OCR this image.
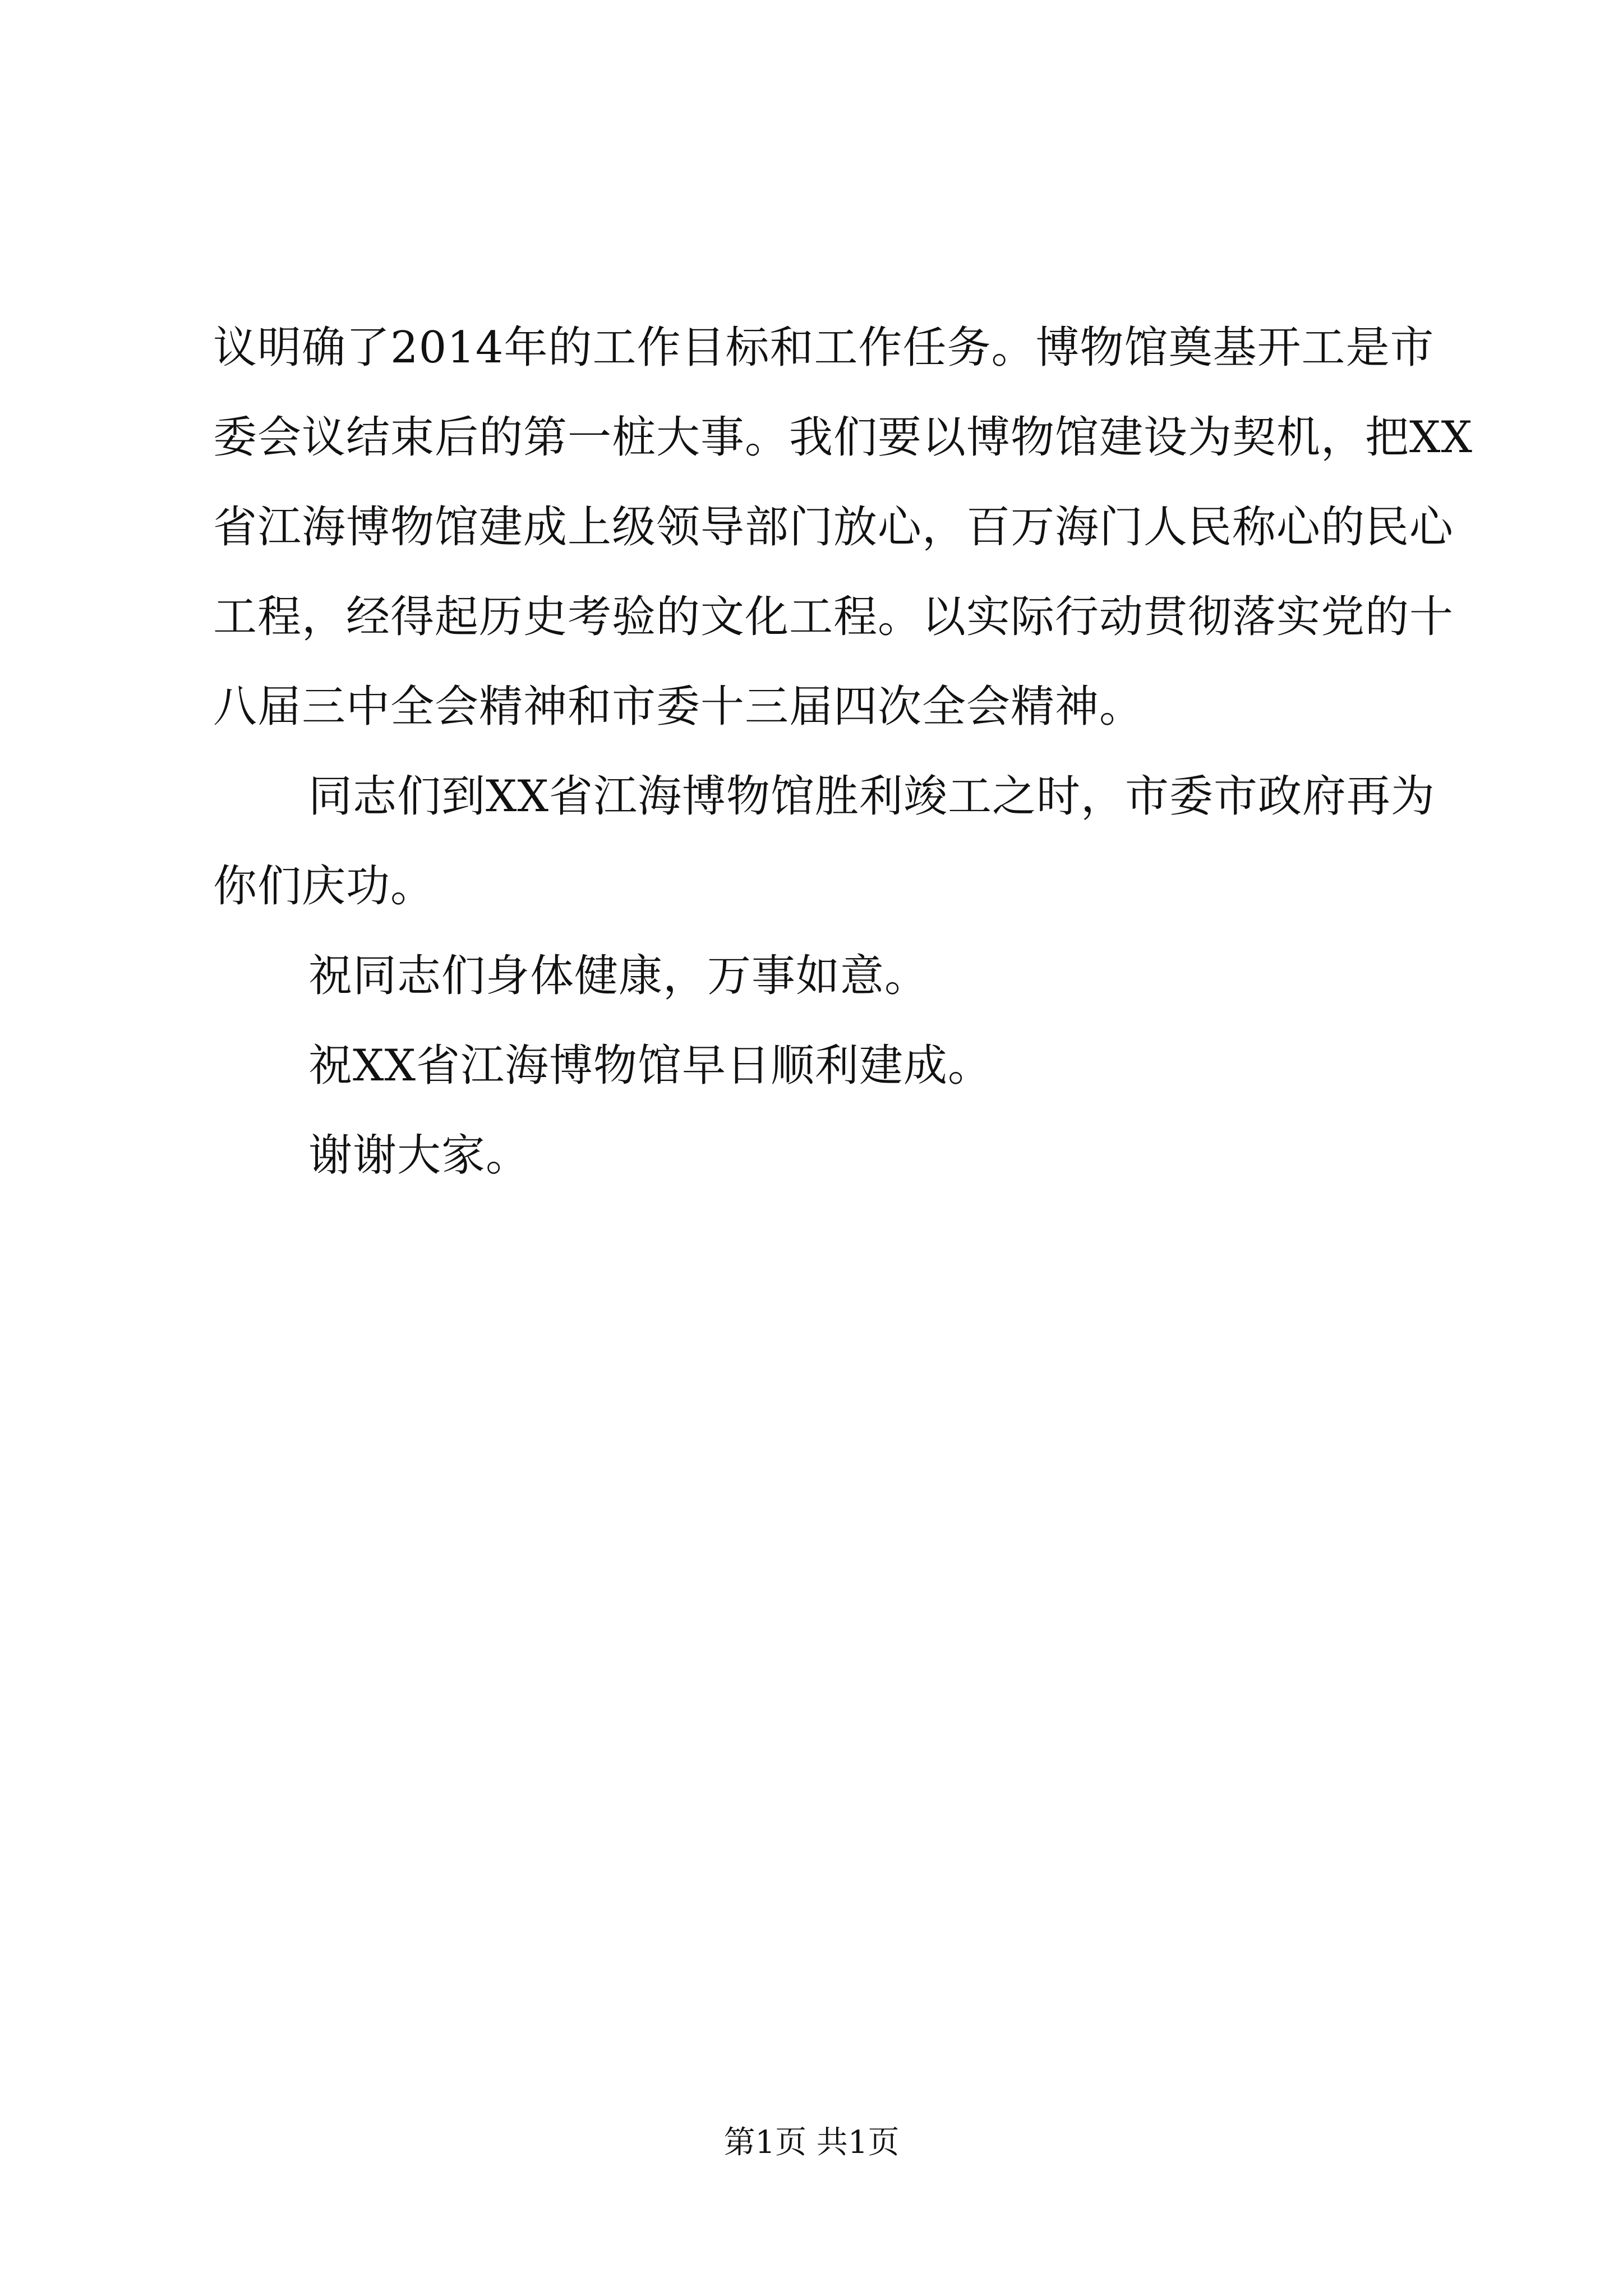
议明确了2014年的工作目标和工作任务。博物馆奠基开工是市
委会议结束后的第一桩大事。我们要以博物馆建设为契机，把XX
省江海博物馆建成上级领导部门放心，百万海门人民称心的民心
工程，经得起历史考验的文化工程。以实际行动贯彻落实党的十
八届三中全会精神和市委十三届四次全会精神。
同志们到XX省江海博物馆胜利竣工之时，市委市政府再为
你们庆功。
祝同志们身体健康，万事如意。
祝XX省江海博物馆早日顺利建成。
谢谢大家。
第1页 共1页
